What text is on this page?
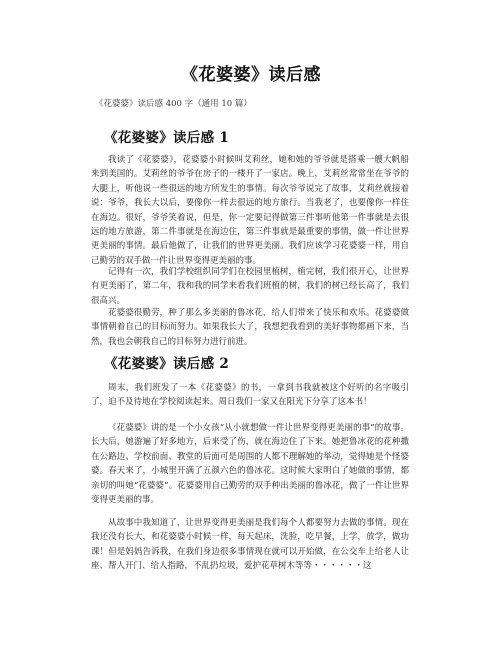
《花婆婆》读后感
《花婆婆》读后感 400 字（通用 10 篇）
《花婆婆》读后感 1

我读了《花婆婆》，花婆婆小时候叫艾莉丝，她和她的爷爷就是搭乘一艘大帆船来到美国的。艾莉丝的爷爷在房子的一楼开了一家店。晚上，艾莉丝常常坐在爷爷的大腿上，听他说一些很远的地方所发生的事情。每次爷爷说完了故事，艾莉丝就接着说：爷爷，我长大以后，要像你一样去很远的地方旅行。当我老了，也要像你一样住在海边。很好，爷爷笑着说，但是，你一定要记得做第三件事听他第一件事就是去很远的地方旅游，第二件事就是在海边住，第三件事就是最重要的事情，做一件让世界更美丽的事情。最后他做了，让我们的世界更美丽。我们应该学习花婆婆一样，用自己勤劳的双手做一件让世界变得更美丽的事。

记得有一次，我们学校组织同学们在校园里植树，植完树，我们很开心，让世界有更美丽了，第二年，我和我的同学来看我们班植的树，我们的树已经长高了，我们很高兴。

花婆婆很勤劳，种了那么多美丽的鲁冰花，给人们带来了快乐和欢乐。花婆婆做事情朝着自己的目标而努力。如果我长大了，我想把我看到的美好事物都画下来，当然，我也会朝我自己的目标努力进行前进。

《花婆婆》读后感 2

周末，我们班发了一本《花婆婆》的书，一拿到书我就被这个好听的名字吸引了，迫不及待地在学校阅读起来。周日我们一家又在阳光下分享了这本书！

《花婆婆》讲的是一个小女孩“从小就想做一件让世界变得更美丽的事”的故事。长大后，她游遍了好多地方，后来受了伤，就在海边住了下来。她把鲁冰花的花种撒在公路边、学校前面、教堂的后面可是周围的人都不理解她的举动，觉得她是个怪婆婆。春天来了，小城里开满了五颜六色的鲁冰花。这时候大家明白了她做的事情，都亲切的叫她“花婆婆”。花婆婆用自己勤劳的双手种出美丽的鲁冰花，做了一件让世界变得更美丽的事。

从故事中我知道了，让世界变得更美丽是我们每个人都要努力去做的事情。现在我还没有长大，和花婆婆小时候一样，每天起床，洗脸，吃早餐，上学，放学，做功课！但是妈妈告诉我，在我们身边很多事情现在就可以开始做，在公交车上给老人让座、帮人开门、给人指路，不乱扔垃圾，爱护花草树木等等・・・・・・这
